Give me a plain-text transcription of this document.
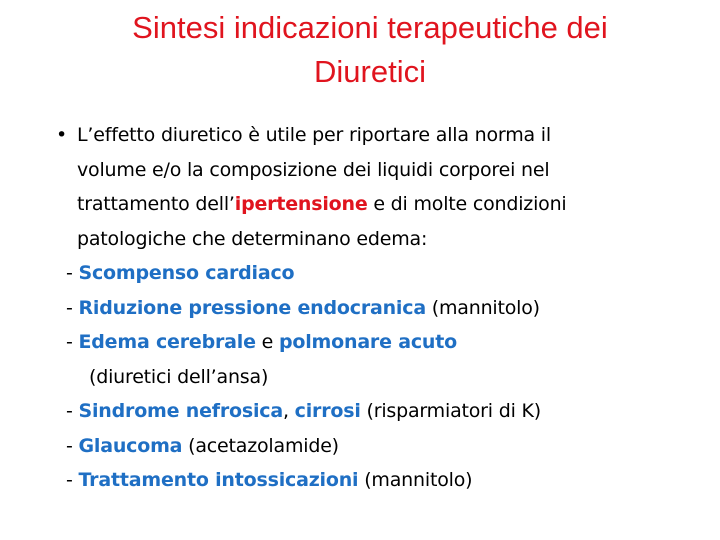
Sintesi indicazioni terapeutiche dei
Diuretici
• L’effetto diuretico è utile per riportare alla norma il
volume e/o la composizione dei liquidi corporei nel
trattamento dell’ipertensione e di molte condizioni
patologiche che determinano edema:
- Scompenso cardiaco
- Riduzione pressione endocranica (mannitolo)
- Edema cerebrale e polmonare acuto
(diuretici dell’ansa)
- Sindrome nefrosica, cirrosi (risparmiatori di K)
- Glaucoma (acetazolamide)
- Trattamento intossicazioni (mannitolo)
